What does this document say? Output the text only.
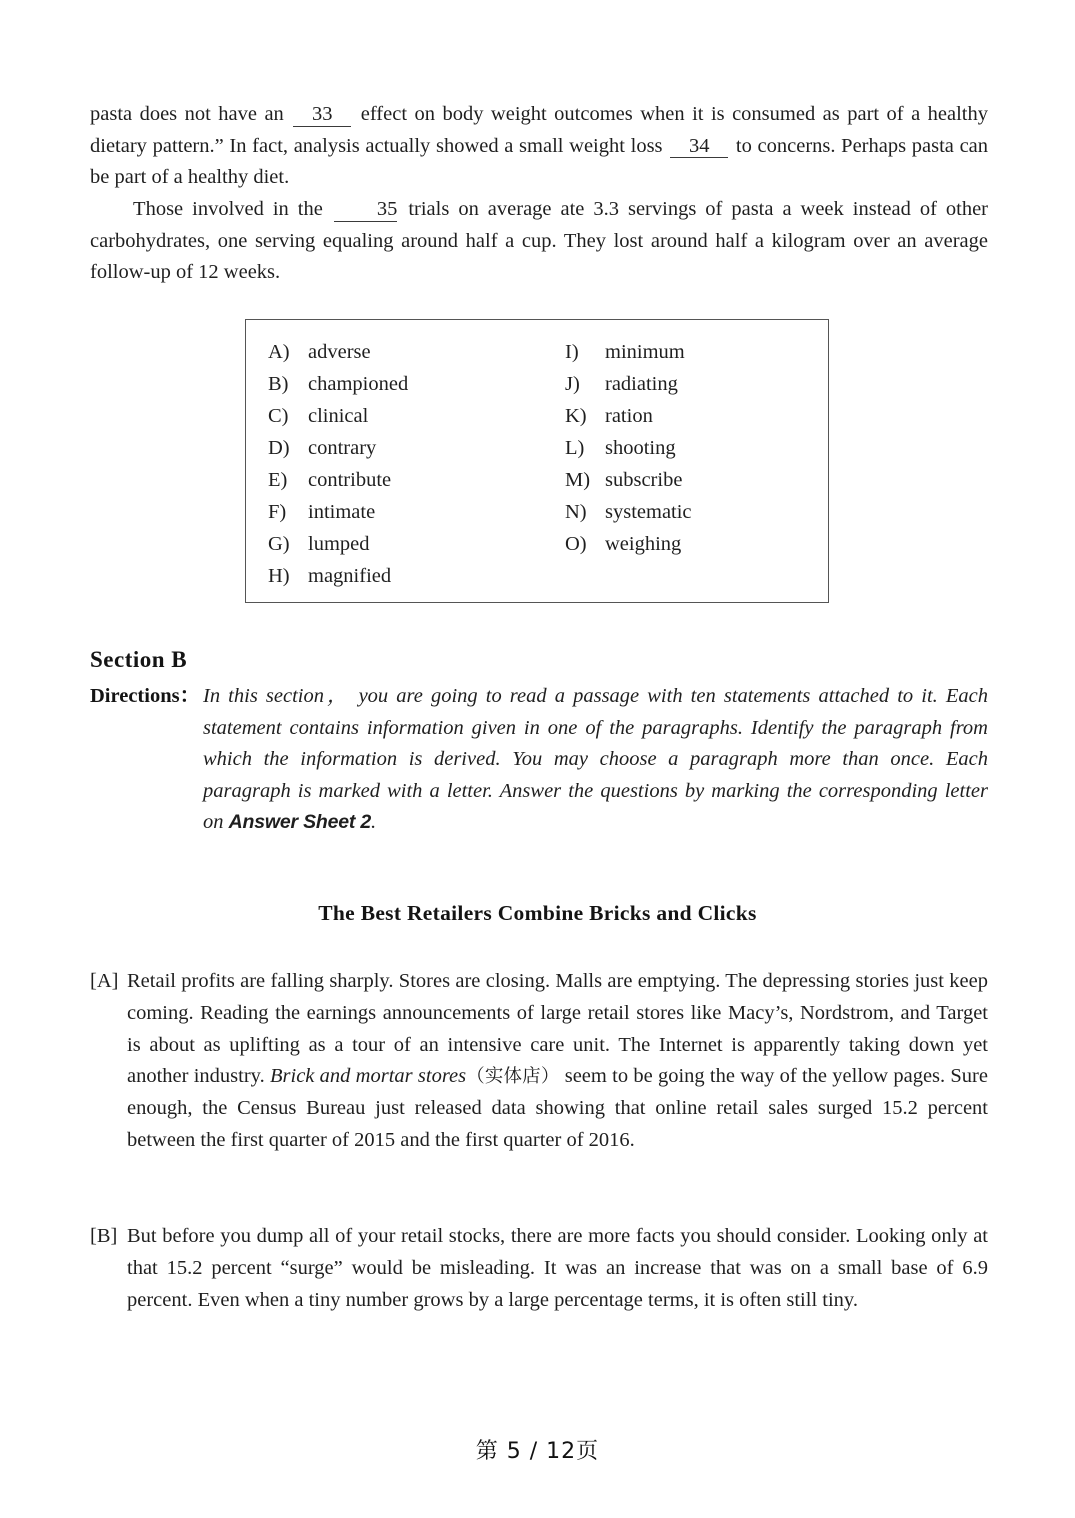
pasta does not have an 33 effect on body weight outcomes when it is consumed as part of a healthy dietary pattern.” In fact, analysis actually showed a small weight loss 34 to concerns. Perhaps pasta can be part of a healthy diet.

Those involved in the	35 trials on average ate 3.3 servings of pasta a week instead of other carbohydrates, one serving equaling around half a cup. They lost around half a kilogram over an average follow-up of 12 weeks.

A) adverse
B) championed
C) clinical
D) contrary
E)	contribute
F)	intimate
G) lumped
H) magnified
I)	minimum
J)	radiating
K) ration
L)	shooting
M) subscribe
N) systematic
O) weighing
Section B
Directions： In this section， you are going to read a passage with ten statements attached to it. Each statement contains information given in one of the paragraphs. Identify the paragraph from which the information is derived. You may choose a paragraph more than once. Each paragraph is marked with a letter. Answer the questions by marking the corresponding letter on Answer Sheet 2.
The Best Retailers Combine Bricks and Clicks
[A] Retail profits are falling sharply. Stores are closing. Malls are emptying. The depressing stories just keep coming. Reading the earnings announcements of large retail stores like Macy’s, Nordstrom, and Target is about as uplifting as a tour of an intensive care unit. The Internet is apparently taking down yet another industry. Brick and mortar stores（实体店） seem to be going the way of the yellow pages. Sure enough, the Census Bureau just released data showing that online retail sales surged 15.2 percent between the first quarter of 2015 and the first quarter of 2016.
[B] But before you dump all of your retail stocks, there are more facts you should consider. Looking only at that 15.2 percent “surge” would be misleading. It was an increase that was on a small base of 6.9 percent. Even when a tiny number grows by a large percentage terms, it is often still tiny.
第 5 / 12页
